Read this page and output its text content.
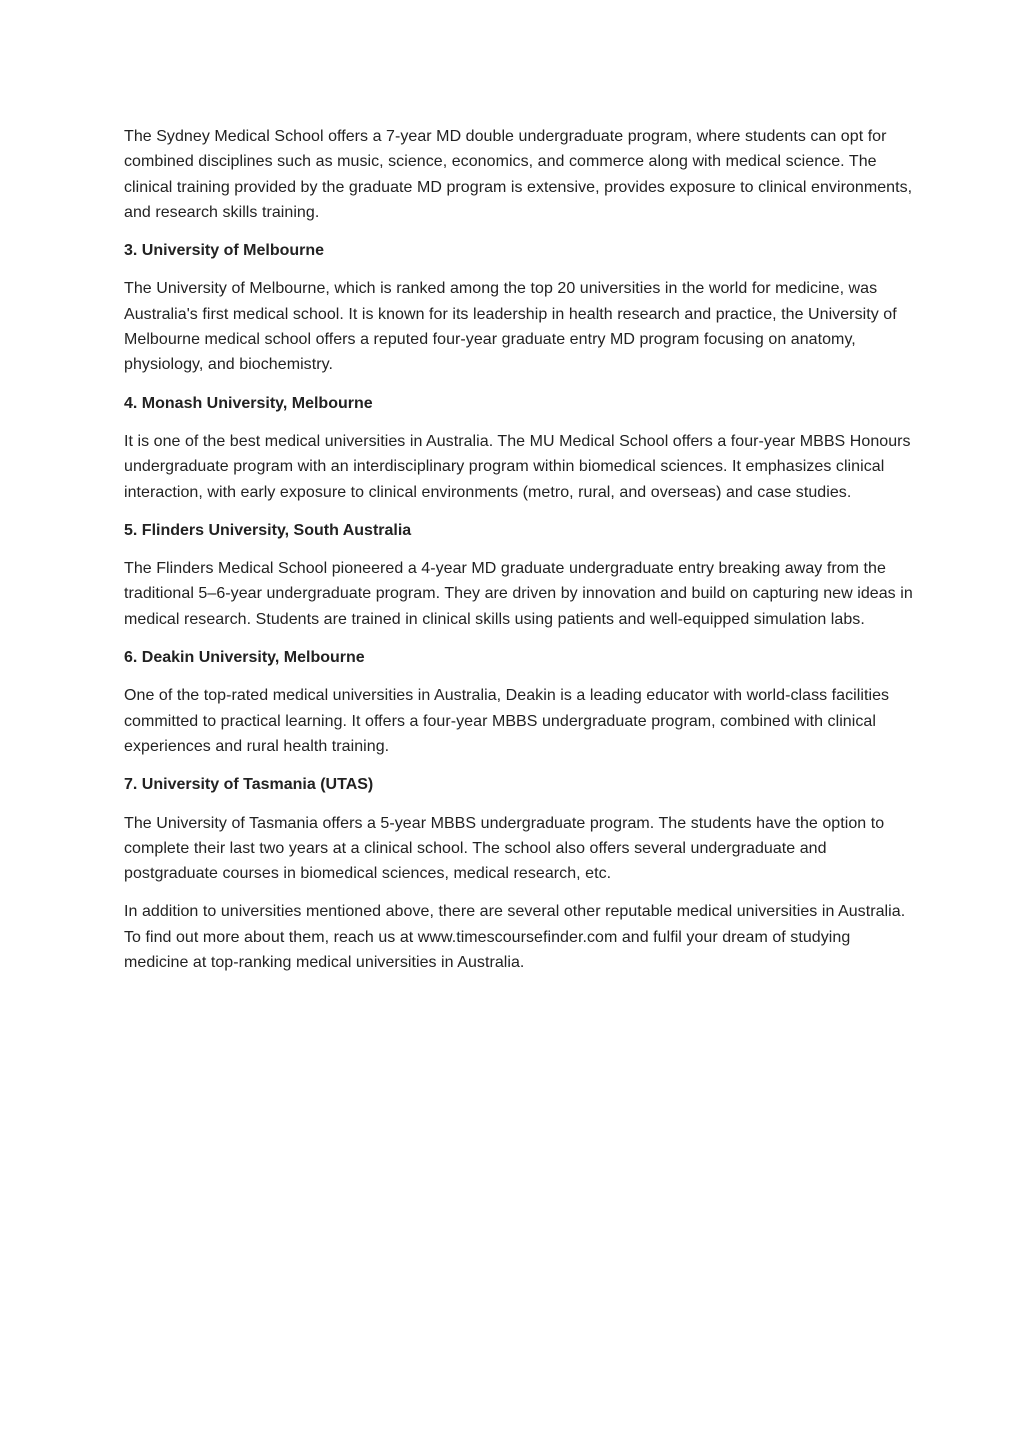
The Sydney Medical School offers a 7-year MD double undergraduate program, where students can opt for combined disciplines such as music, science, economics, and commerce along with medical science. The clinical training provided by the graduate MD program is extensive, provides exposure to clinical environments, and research skills training.

3. University of Melbourne

The University of Melbourne, which is ranked among the top 20 universities in the world for medicine, was Australia's first medical school. It is known for its leadership in health research and practice, the University of Melbourne medical school offers a reputed four-year graduate entry MD program focusing on anatomy, physiology, and biochemistry.

4. Monash University, Melbourne

It is one of the best medical universities in Australia. The MU Medical School offers a four-year MBBS Honours undergraduate program with an interdisciplinary program within biomedical sciences. It emphasizes clinical interaction, with early exposure to clinical environments (metro, rural, and overseas) and case studies.

5. Flinders University, South Australia

The Flinders Medical School pioneered a 4-year MD graduate undergraduate entry breaking away from the traditional 5–6-year undergraduate program. They are driven by innovation and build on capturing new ideas in medical research. Students are trained in clinical skills using patients and well-equipped simulation labs.

6. Deakin University, Melbourne

One of the top-rated medical universities in Australia, Deakin is a leading educator with world-class facilities committed to practical learning. It offers a four-year MBBS undergraduate program, combined with clinical experiences and rural health training.

7. University of Tasmania (UTAS)

The University of Tasmania offers a 5-year MBBS undergraduate program. The students have the option to complete their last two years at a clinical school. The school also offers several undergraduate and postgraduate courses in biomedical sciences, medical research, etc.

In addition to universities mentioned above, there are several other reputable medical universities in Australia. To find out more about them, reach us at www.timescoursefinder.com and fulfil your dream of studying medicine at top-ranking medical universities in Australia.
